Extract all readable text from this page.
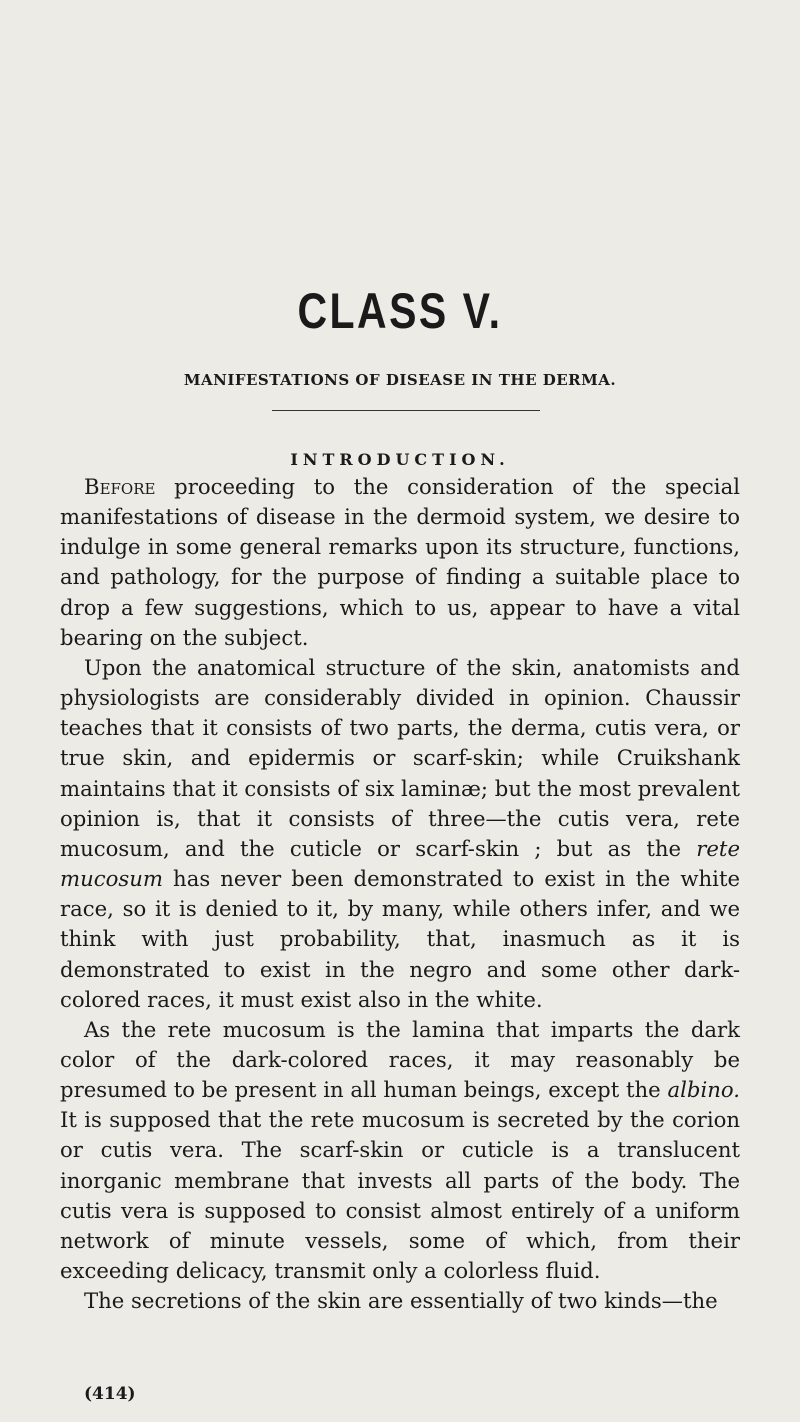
CLASS V.
MANIFESTATIONS OF DISEASE IN THE DERMA.
INTRODUCTION.

Before proceeding to the consideration of the special manifestations of disease in the dermoid system, we desire to indulge in some general remarks upon its structure, functions, and pathology, for the purpose of finding a suitable place to drop a few suggestions, which to us, appear to have a vital bearing on the subject.

Upon the anatomical structure of the skin, anatomists and physiologists are considerably divided in opinion. Chaussir teaches that it consists of two parts, the derma, cutis vera, or true skin, and epidermis or scarf-skin; while Cruikshank maintains that it consists of six laminæ; but the most prevalent opinion is, that it consists of three—the cutis vera, rete mucosum, and the cuticle or scarf-skin ; but as the rete mucosum has never been demonstrated to exist in the white race, so it is denied to it, by many, while others infer, and we think with just probability, that, inasmuch as it is demonstrated to exist in the negro and some other dark-colored races, it must exist also in the white.

As the rete mucosum is the lamina that imparts the dark color of the dark-colored races, it may reasonably be presumed to be present in all human beings, except the albino. It is supposed that the rete mucosum is secreted by the corion or cutis vera. The scarf-skin or cuticle is a translucent inorganic membrane that invests all parts of the body. The cutis vera is supposed to consist almost entirely of a uniform network of minute vessels, some of which, from their exceeding delicacy, transmit only a colorless fluid.

The secretions of the skin are essentially of two kinds—the

(414)
